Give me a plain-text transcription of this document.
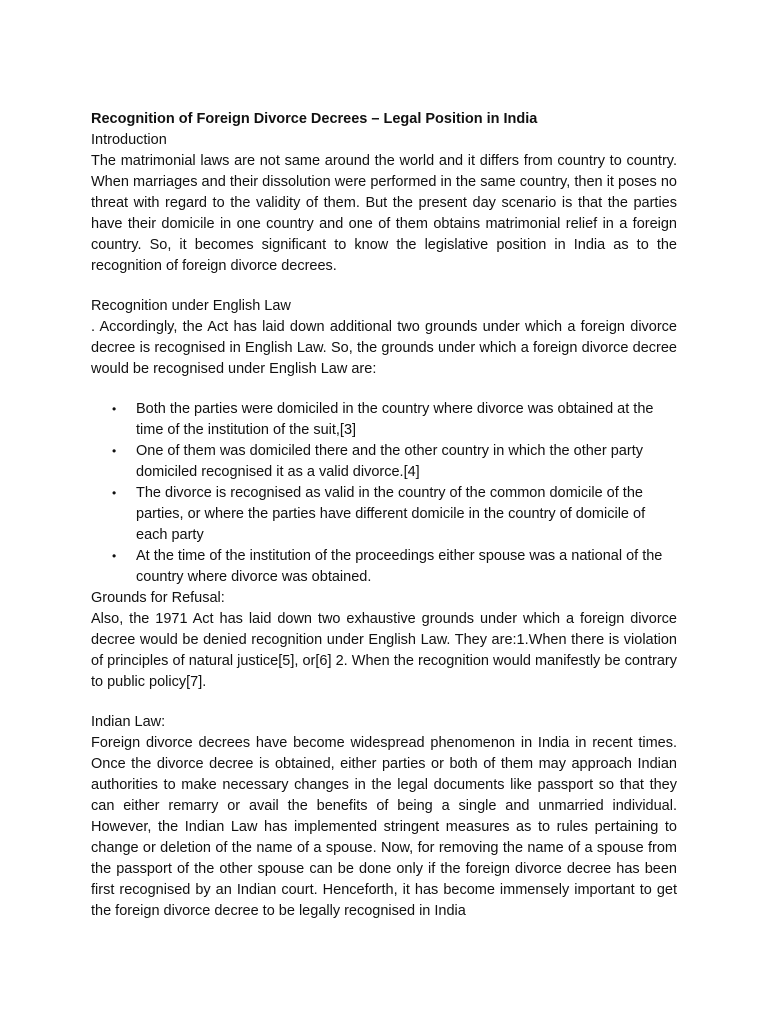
Recognition of Foreign Divorce Decrees – Legal Position in India

Introduction

The matrimonial laws are not same around the world and it differs from country to country. When marriages and their dissolution were performed in the same country, then it poses no threat with regard to the validity of them. But the present day scenario is that the parties have their domicile in one country and one of them obtains matrimonial relief in a foreign country. So, it becomes significant to know the legislative position in India as to the recognition of foreign divorce decrees.

Recognition under English Law

. Accordingly, the Act has laid down additional two grounds under which a foreign divorce decree is recognised in English Law. So, the grounds under which a foreign divorce decree would be recognised under English Law are:

• Both the parties were domiciled in the country where divorce was obtained at the time of the institution of the suit,[3]
• One of them was domiciled there and the other country in which the other party domiciled recognised it as a valid divorce.[4]
• The divorce is recognised as valid in the country of the common domicile of the parties, or where the parties have different domicile in the country of domicile of each party
• At the time of the institution of the proceedings either spouse was a national of the country where divorce was obtained.

Grounds for Refusal:

Also, the 1971 Act has laid down two exhaustive grounds under which a foreign divorce decree would be denied recognition under English Law. They are:1.When there is violation of principles of natural justice[5], or[6] 2. When the recognition would manifestly be contrary to public policy[7].

Indian Law:

Foreign divorce decrees have become widespread phenomenon in India in recent times. Once the divorce decree is obtained, either parties or both of them may approach Indian authorities to make necessary changes in the legal documents like passport so that they can either remarry or avail the benefits of being a single and unmarried individual. However, the Indian Law has implemented stringent measures as to rules pertaining to change or deletion of the name of a spouse. Now, for removing the name of a spouse from the passport of the other spouse can be done only if the foreign divorce decree has been first recognised by an Indian court. Henceforth, it has become immensely important to get the foreign divorce decree to be legally recognised in India
